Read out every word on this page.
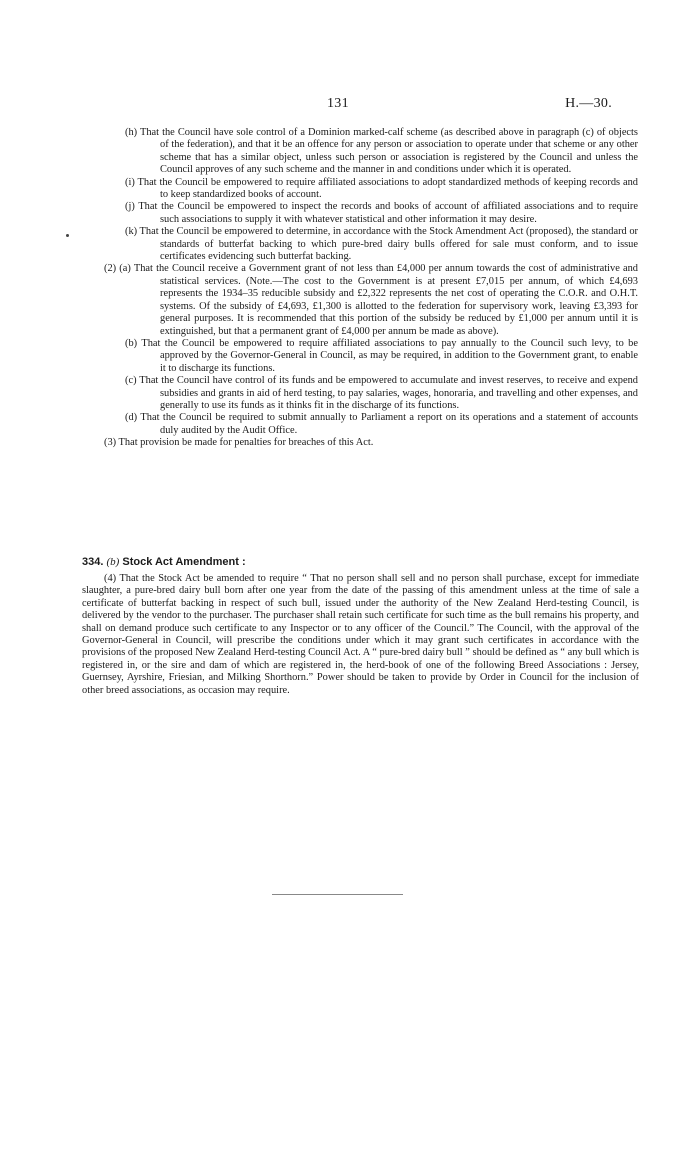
131	H.—30.

(h) That the Council have sole control of a Dominion marked-calf scheme (as described above in paragraph (c) of objects of the federation), and that it be an offence for any person or association to operate under that scheme or any other scheme that has a similar object, unless such person or association is registered by the Council and unless the Council approves of any such scheme and the manner in and conditions under which it is operated.

(i) That the Council be empowered to require affiliated associations to adopt standardized methods of keeping records and to keep standardized books of account.

(j) That the Council be empowered to inspect the records and books of account of affiliated associations and to require such associations to supply it with whatever statistical and other information it may desire.

(k) That the Council be empowered to determine, in accordance with the Stock Amendment Act (proposed), the standard or standards of butterfat backing to which pure-bred dairy bulls offered for sale must conform, and to issue certificates evidencing such butterfat backing.

(2) (a) That the Council receive a Government grant of not less than £4,000 per annum towards the cost of administrative and statistical services. (Note.—The cost to the Government is at present £7,015 per annum, of which £4,693 represents the 1934–35 reducible subsidy and £2,322 represents the net cost of operating the C.O.R. and O.H.T. systems. Of the subsidy of £4,693, £1,300 is allotted to the federation for supervisory work, leaving £3,393 for general purposes. It is recommended that this portion of the subsidy be reduced by £1,000 per annum until it is extinguished, but that a permanent grant of £4,000 per annum be made as above).

(b) That the Council be empowered to require affiliated associations to pay annually to the Council such levy, to be approved by the Governor-General in Council, as may be required, in addition to the Government grant, to enable it to discharge its functions.

(c) That the Council have control of its funds and be empowered to accumulate and invest reserves, to receive and expend subsidies and grants in aid of herd testing, to pay salaries, wages, honoraria, and travelling and other expenses, and generally to use its funds as it thinks fit in the discharge of its functions.

(d) That the Council be required to submit annually to Parliament a report on its operations and a statement of accounts duly audited by the Audit Office.

(3) That provision be made for penalties for breaches of this Act.

334. (b) Stock Act Amendment :

(4) That the Stock Act be amended to require “ That no person shall sell and no person shall purchase, except for immediate slaughter, a pure-bred dairy bull born after one year from the date of the passing of this amendment unless at the time of sale a certificate of butterfat backing in respect of such bull, issued under the authority of the New Zealand Herd-testing Council, is delivered by the vendor to the purchaser. The purchaser shall retain such certificate for such time as the bull remains his property, and shall on demand produce such certificate to any Inspector or to any officer of the Council.” The Council, with the approval of the Governor-General in Council, will prescribe the conditions under which it may grant such certificates in accordance with the provisions of the proposed New Zealand Herd-testing Council Act. A “ pure-bred dairy bull ” should be defined as “ any bull which is registered in, or the sire and dam of which are registered in, the herd-book of one of the following Breed Associations : Jersey, Guernsey, Ayrshire, Friesian, and Milking Shorthorn.” Power should be taken to provide by Order in Council for the inclusion of other breed associations, as occasion may require.
